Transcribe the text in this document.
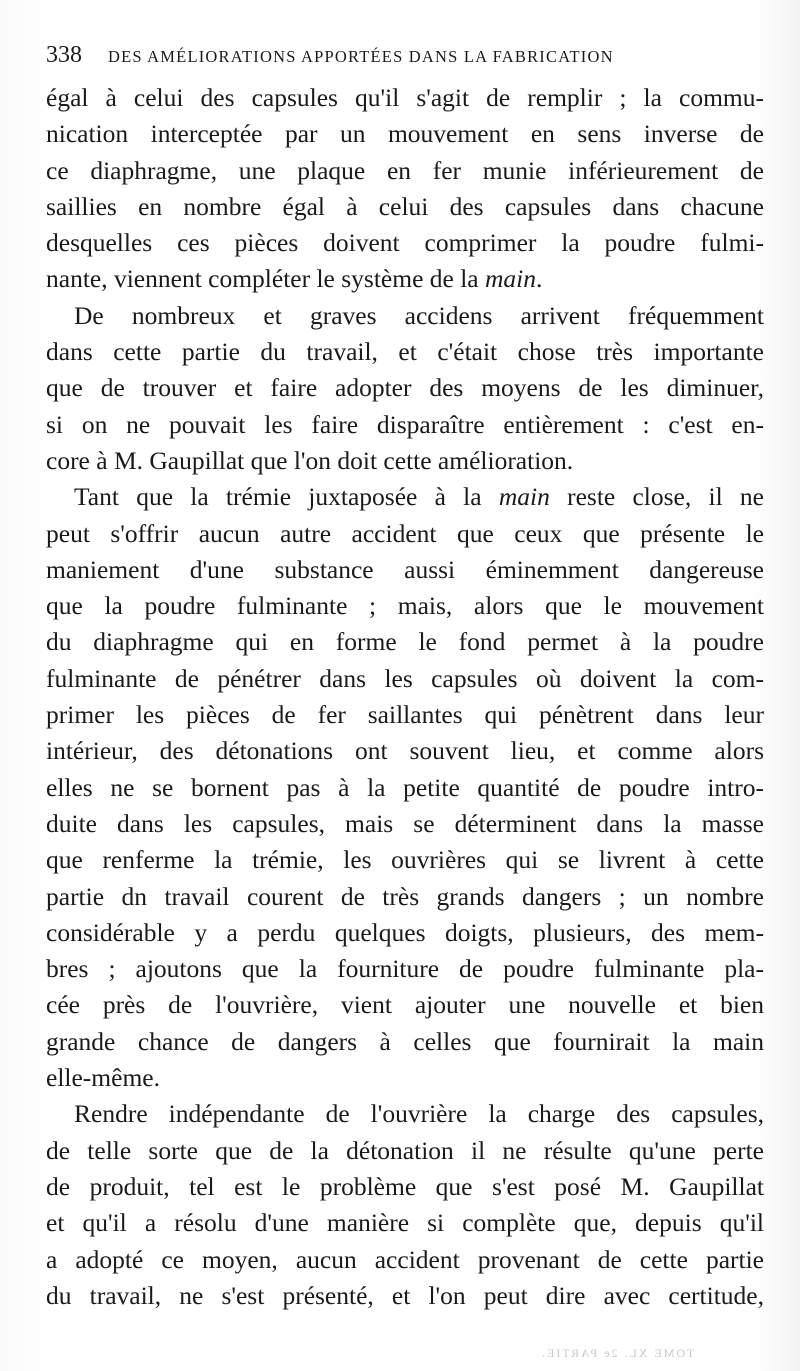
338 DES AMÉLIORATIONS APPORTÉES DANS LA FABRICATION
égal à celui des capsules qu'il s'agit de remplir ; la commu-
nication interceptée par un mouvement en sens inverse de
ce diaphragme, une plaque en fer munie inférieurement de
saillies en nombre égal à celui des capsules dans chacune
desquelles ces pièces doivent comprimer la poudre fulmi-
nante, viennent compléter le système de la main.
De nombreux et graves accidens arrivent fréquemment
dans cette partie du travail, et c'était chose très importante
que de trouver et faire adopter des moyens de les diminuer,
si on ne pouvait les faire disparaître entièrement : c'est en-
core à M. Gaupillat que l'on doit cette amélioration.
Tant que la trémie juxtaposée à la main reste close, il ne
peut s'offrir aucun autre accident que ceux que présente le
maniement d'une substance aussi éminemment dangereuse
que la poudre fulminante ; mais, alors que le mouvement
du diaphragme qui en forme le fond permet à la poudre
fulminante de pénétrer dans les capsules où doivent la com-
primer les pièces de fer saillantes qui pénètrent dans leur
intérieur, des détonations ont souvent lieu, et comme alors
elles ne se bornent pas à la petite quantité de poudre intro-
duite dans les capsules, mais se déterminent dans la masse
que renferme la trémie, les ouvrières qui se livrent à cette
partie dn travail courent de très grands dangers ; un nombre
considérable y a perdu quelques doigts, plusieurs, des mem-
bres ; ajoutons que la fourniture de poudre fulminante pla-
cée près de l'ouvrière, vient ajouter une nouvelle et bien
grande chance de dangers à celles que fournirait la main
elle-même.
Rendre indépendante de l'ouvrière la charge des capsules,
de telle sorte que de la détonation il ne résulte qu'une perte
de produit, tel est le problème que s'est posé M. Gaupillat
et qu'il a résolu d'une manière si complète que, depuis qu'il
a adopté ce moyen, aucun accident provenant de cette partie
du travail, ne s'est présenté, et l'on peut dire avec certitude,
TOME XL. 2e PARTIE.
